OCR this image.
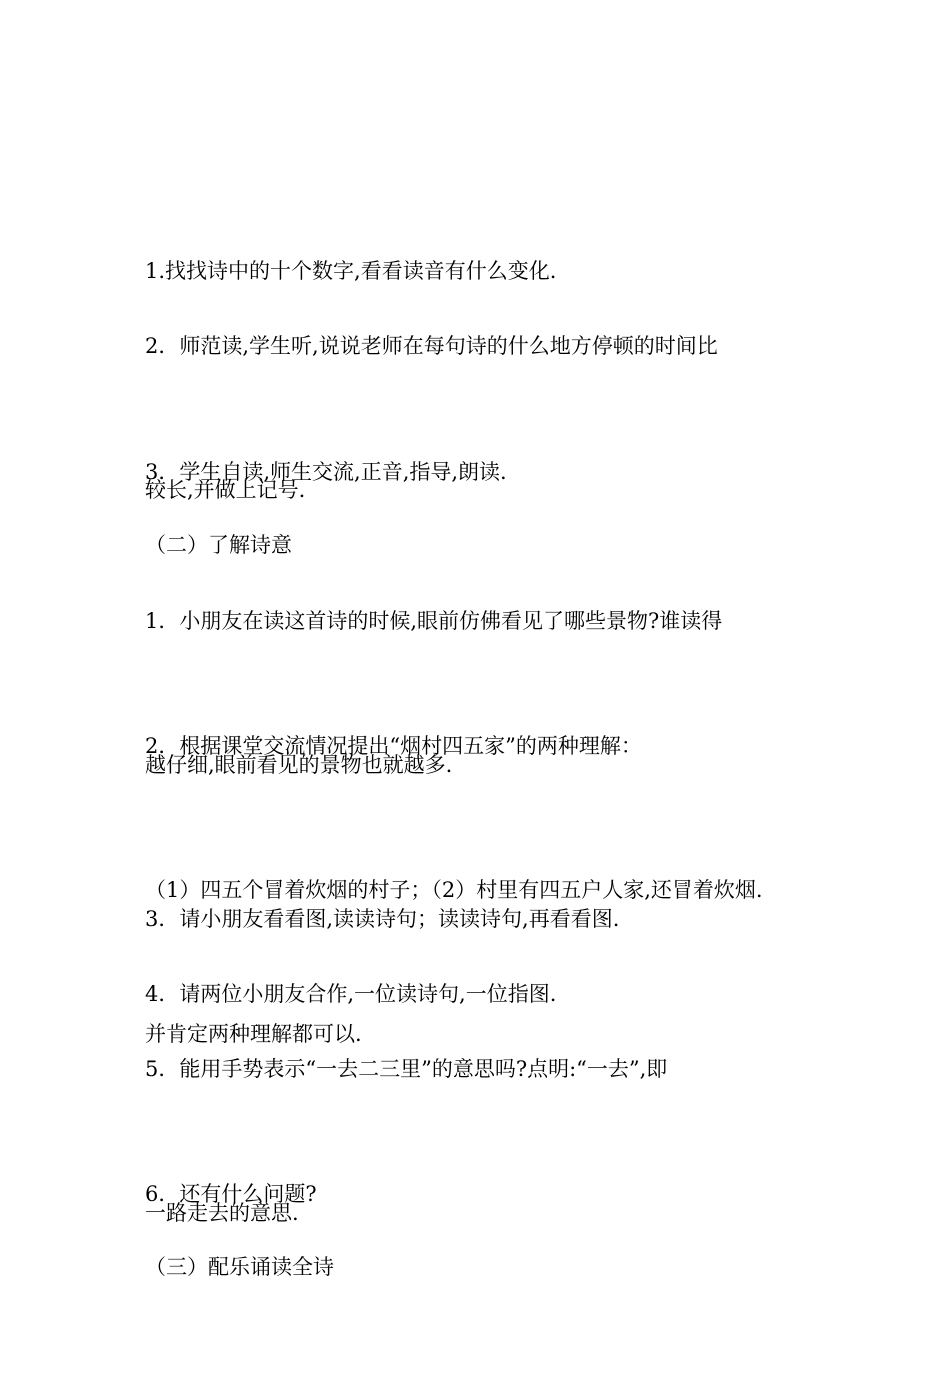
1.找找诗中的十个数字,看看读音有什么变化.

2．师范读,学生听,说说老师在每句诗的什么地方停顿的时间比

较长,并做上记号.

3．学生自读,师生交流,正音,指导,朗读.

（二）了解诗意

1．小朋友在读这首诗的时候,眼前仿佛看见了哪些景物?谁读得

越仔细,眼前看见的景物也就越多.

2．根据课堂交流情况提出“烟村四五家”的两种理解：

（1）四五个冒着炊烟的村子；（2）村里有四五户人家,还冒着炊烟.

并肯定两种理解都可以.

3．请小朋友看看图,读读诗句；读读诗句,再看看图.

4．请两位小朋友合作,一位读诗句,一位指图.

5．能用手势表示“一去二三里”的意思吗?点明:“一去”,即

一路走去的意思.

6．还有什么问题?

（三）配乐诵读全诗
